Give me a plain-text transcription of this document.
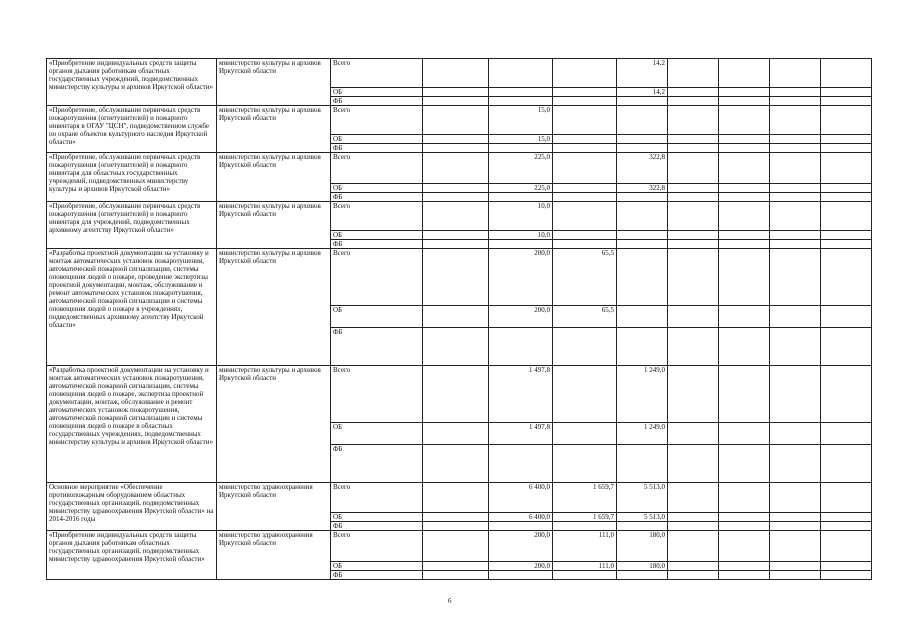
«Приобретение индивидуальных средств защиты органов дыхания работникам областных государственных учреждений, подведомственных министерству культуры и архивов Иркутской области»	министерство культуры и архивов Иркутской области	Всего				14,2				
		ОБ				14,2				
		ФБ								
«Приобретение, обслуживание первичных средств пожаротушения (огнетушителей) и пожарного инвентаря в ОГАУ "ЦСН", подведомственном службе по охране объектов культурного наследия Иркутской области»	министерство культуры и архивов Иркутской области	Всего		15,0						
		ОБ		15,0						
		ФБ								
«Приобретение, обслуживание первичных средств пожаротушения (огнетушителей) и пожарного инвентаря для областных государственных учреждений, подведомственных министерству культуры и архивов Иркутской области»	министерство культуры и архивов Иркутской области	Всего		225,0		322,8				
		ОБ		225,0		322,8				
		ФБ								
«Приобретение, обслуживание первичных средств пожаротушения (огнетушителей) и пожарного инвентаря для учреждений, подведомственных архивному агентству Иркутской области»	министерство культуры и архивов Иркутской области	Всего		10,0						
		ОБ		10,0						
		ФБ								
«Разработка проектной документации на установку и монтаж автоматических установок пожаротушения, автоматической пожарной сигнализации, системы оповещения людей о пожаре, проведение экспертизы проектной документации, монтаж, обслуживание и ремонт автоматических установок пожаротушения, автоматической пожарной сигнализации и системы оповещения людей о пожаре в учреждениях, подведомственных архивному агентству Иркутской области»	министерство культуры и архивов Иркутской области	Всего		200,0	65,5					
		ОБ		200,0	65,5					
		ФБ								
«Разработка проектной документации на установку и монтаж автоматических установок пожаротушения, автоматической пожарной сигнализации, системы оповещения людей о пожаре, экспертиза проектной документации, монтаж, обслуживание и ремонт автоматических установок пожаротушения, автоматической пожарной сигнализации и системы оповещения людей о пожаре в областных государственных учреждениях, подведомственных министерству культуры и архивов Иркутской области»	министерство культуры и архивов Иркутской области	Всего		1 497,8		1 249,0				
		ОБ		1 497,8		1 249,0				
		ФБ								
Основное мероприятие «Обеспечение противопожарным оборудованием областных государственных организаций, подведомственных министерству здравоохранения Иркутской области» на 2014-2016 годы	министерство здравоохранения Иркутской области	Всего		6 400,0	1 659,7	5 513,0				
		ОБ		6 400,0	1 659,7	5 513,0				
		ФБ								
«Приобретение индивидуальных средств защиты органов дыхания работникам областных государственных организаций, подведомственных министерству здравоохранения Иркутской области»	министерство здравоохранения Иркутской области	Всего		200,0	111,0	180,0				
		ОБ		200,0	111,0	180,0				
		ФБ								
6
